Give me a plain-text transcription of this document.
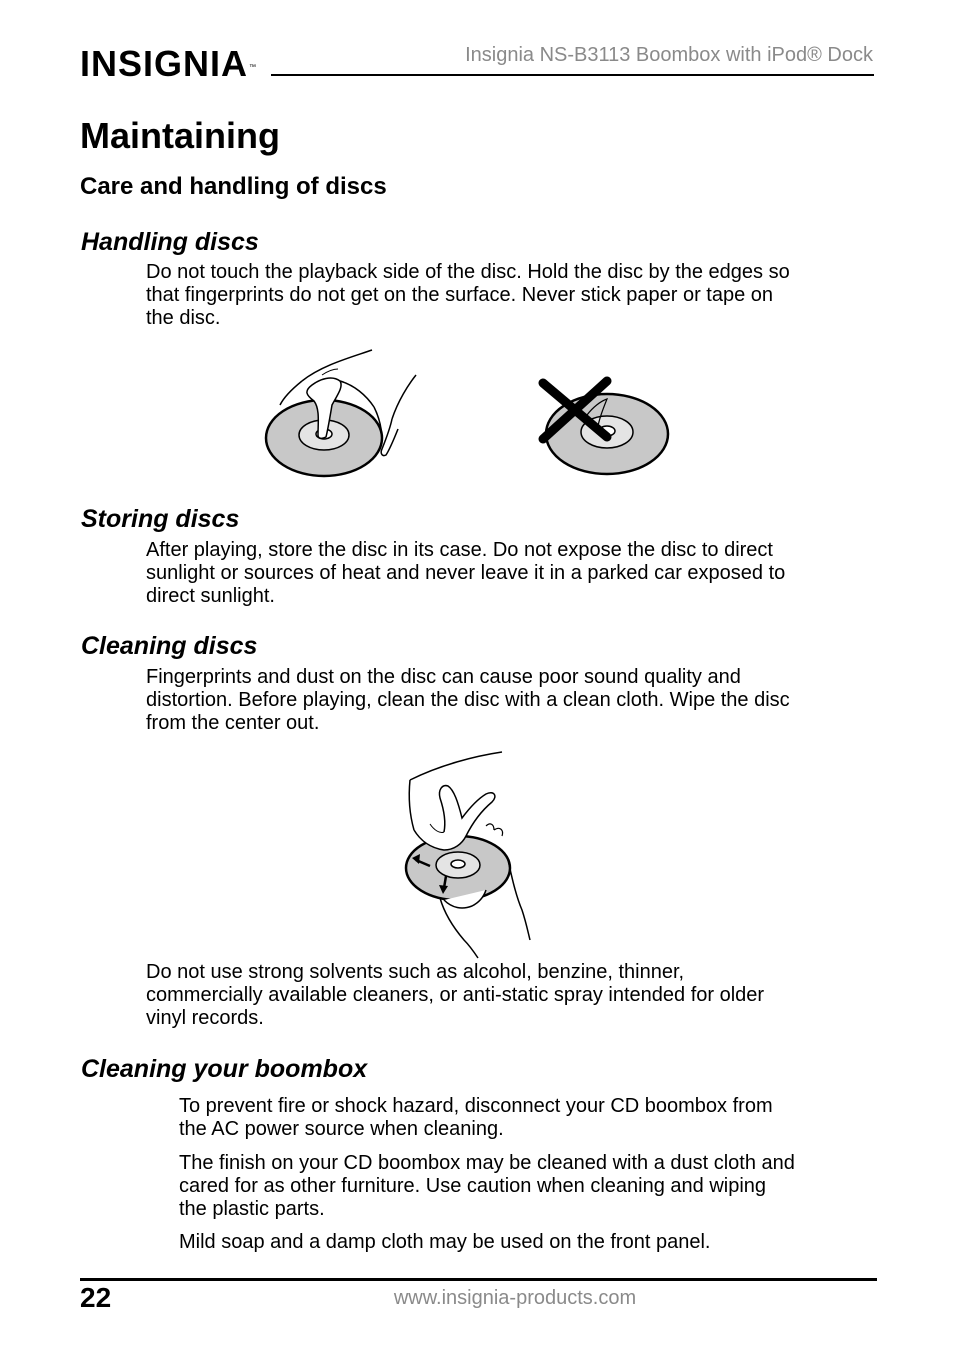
INSIGNIA™
Insignia NS-B3113 Boombox with iPod® Dock
Maintaining
Care and handling of discs
Handling discs
Do not touch the playback side of the disc. Hold the disc by the edges so
that fingerprints do not get on the surface. Never stick paper or tape on
the disc.
Storing discs
After playing, store the disc in its case. Do not expose the disc to direct
sunlight or sources of heat and never leave it in a parked car exposed to
direct sunlight.
Cleaning discs
Fingerprints and dust on the disc can cause poor sound quality and
distortion. Before playing, clean the disc with a clean cloth. Wipe the disc
from the center out.
Do not use strong solvents such as alcohol, benzine, thinner,
commercially available cleaners, or anti-static spray intended for older
vinyl records.
Cleaning your boombox
To prevent fire or shock hazard, disconnect your CD boombox from
the AC power source when cleaning.
The finish on your CD boombox may be cleaned with a dust cloth and
cared for as other furniture. Use caution when cleaning and wiping
the plastic parts.
Mild soap and a damp cloth may be used on the front panel.
22	www.insignia-products.com
